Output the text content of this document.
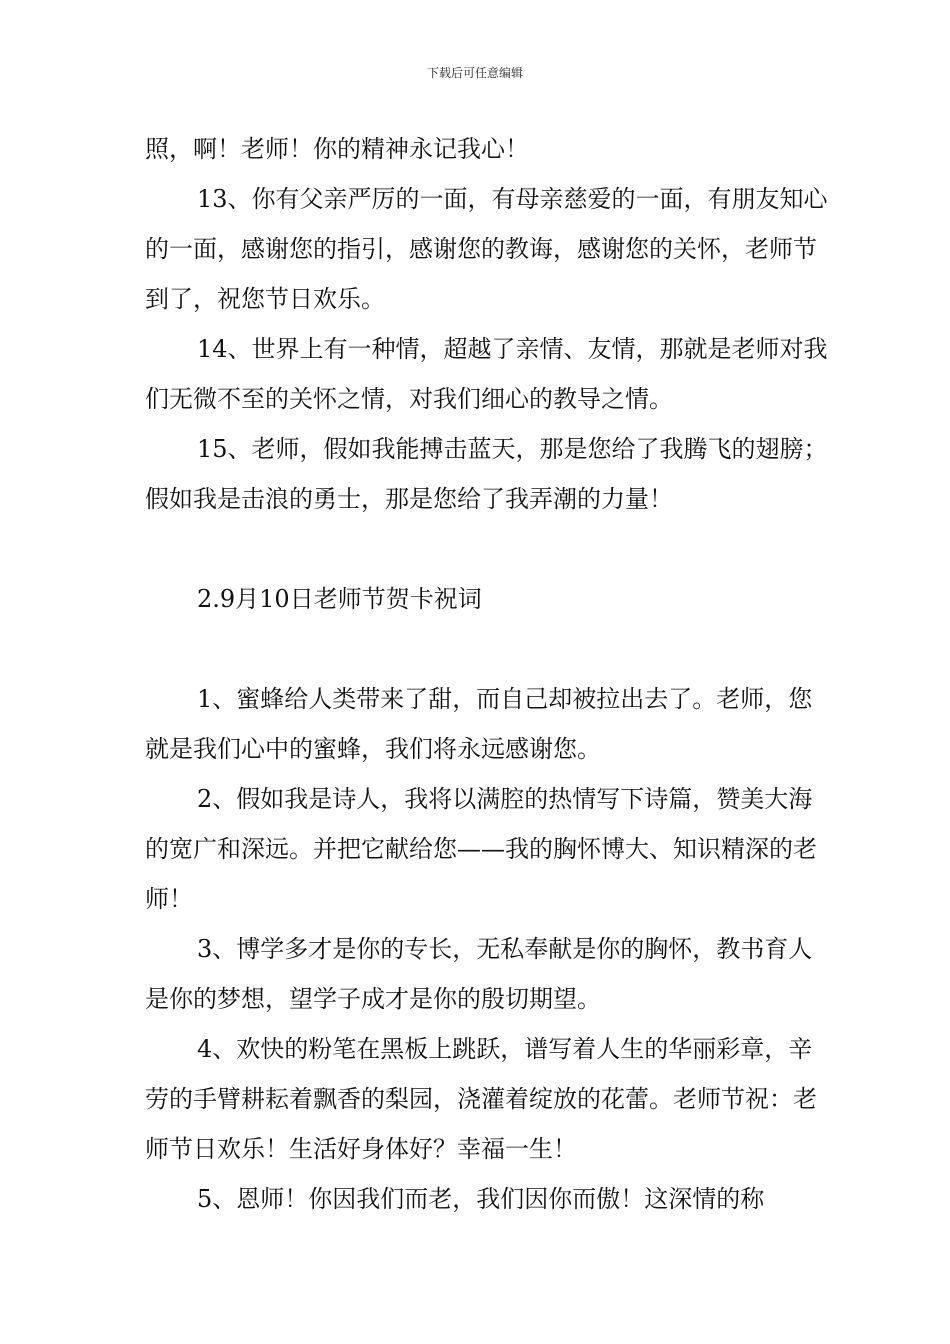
下载后可任意编辑

照，啊！老师！你的精神永记我心！

13、你有父亲严厉的一面，有母亲慈爱的一面，有朋友知心的一面，感谢您的指引，感谢您的教诲，感谢您的关怀，老师节到了，祝您节日欢乐。

14、世界上有一种情，超越了亲情、友情，那就是老师对我们无微不至的关怀之情，对我们细心的教导之情。

15、老师，假如我能搏击蓝天，那是您给了我腾飞的翅膀；假如我是击浪的勇士，那是您给了我弄潮的力量！

2.9月10日老师节贺卡祝词

1、蜜蜂给人类带来了甜，而自己却被拉出去了。老师，您就是我们心中的蜜蜂，我们将永远感谢您。

2、假如我是诗人，我将以满腔的热情写下诗篇，赞美大海的宽广和深远。并把它献给您——我的胸怀博大、知识精深的老师！

3、博学多才是你的专长，无私奉献是你的胸怀，教书育人是你的梦想，望学子成才是你的殷切期望。

4、欢快的粉笔在黑板上跳跃，谱写着人生的华丽彩章，辛劳的手臂耕耘着飘香的梨园，浇灌着绽放的花蕾。老师节祝：老师节日欢乐！生活好身体好？幸福一生！

5、恩师！你因我们而老，我们因你而傲！这深情的称
